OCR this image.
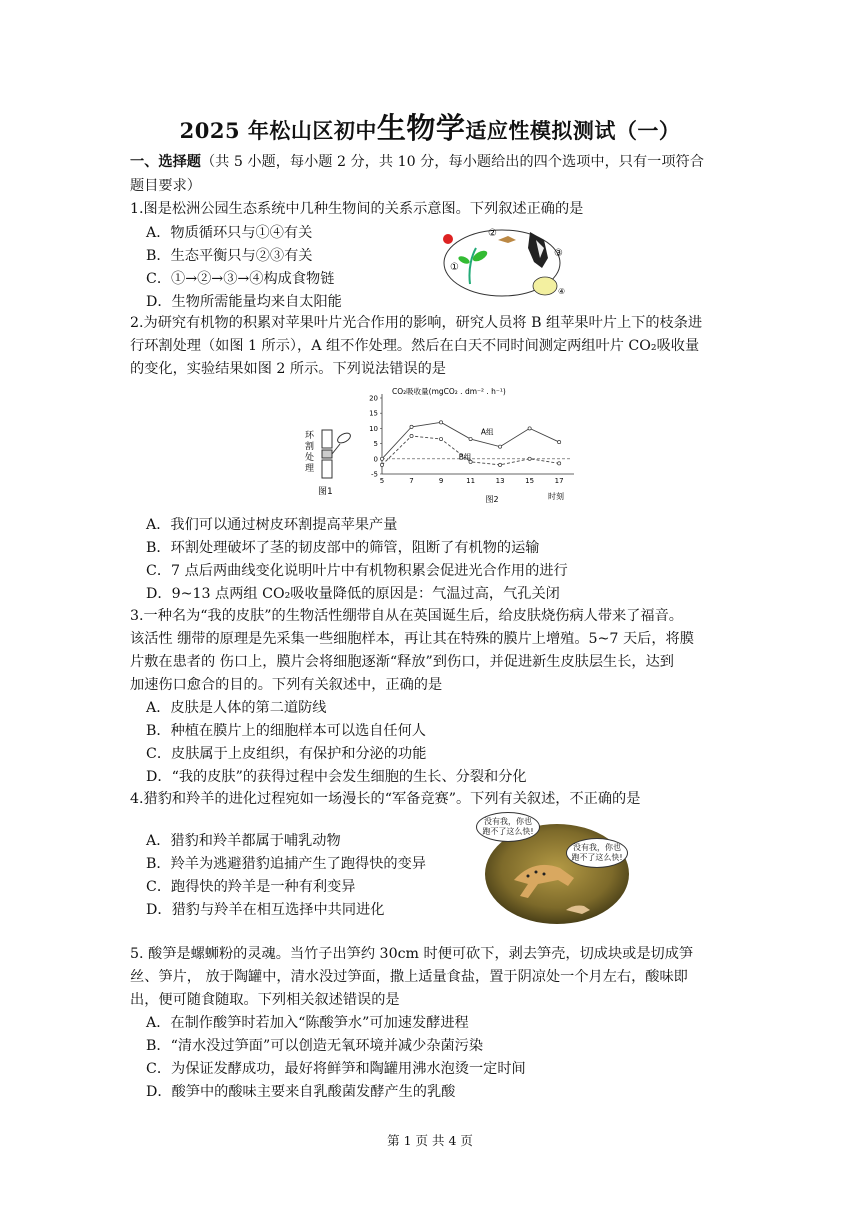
2025 年松山区初中生物学适应性模拟测试（一）
一、选择题（共 5 小题，每小题 2 分，共 10 分，每小题给出的四个选项中，只有一项符合
题目要求）
1.图是松洲公园生态系统中几种生物间的关系示意图。下列叙述正确的是
A．物质循环只与①④有关
B．生态平衡只与②③有关
C．①→②→③→④构成食物链
D．生物所需能量均来自太阳能
①
②
③
④
2.为研究有机物的积累对苹果叶片光合作用的影响，研究人员将 B 组苹果叶片上下的枝条进
行环割处理（如图 1 所示），A 组不作处理。然后在白天不同时间测定两组叶片 CO₂吸收量
的变化，实验结果如图 2 所示。下列说法错误的是
环
割
处
理
图1
CO₂吸收量(mgCO₂ . dm⁻² . h⁻¹)
图2	时刻
-5
0
5
10
15
20
5	7	9	11	13	15	17
A组
B组
A．我们可以通过树皮环割提高苹果产量
B．环割处理破坏了茎的韧皮部中的筛管，阻断了有机物的运输
C．7 点后两曲线变化说明叶片中有机物积累会促进光合作用的进行
D．9~13 点两组 CO₂吸收量降低的原因是：气温过高，气孔关闭
3.一种名为“我的皮肤”的生物活性绷带自从在英国诞生后，给皮肤烧伤病人带来了福音。
该活性 绷带的原理是先采集一些细胞样本，再让其在特殊的膜片上增殖。5~7 天后，将膜
片敷在患者的 伤口上，膜片会将细胞逐渐“释放”到伤口，并促进新生皮肤层生长，达到
加速伤口愈合的目的。下列有关叙述中，正确的是
A．皮肤是人体的第二道防线
B．种植在膜片上的细胞样本可以选自任何人
C．皮肤属于上皮组织，有保护和分泌的功能
D．“我的皮肤”的获得过程中会发生细胞的生长、分裂和分化
4.猎豹和羚羊的进化过程宛如一场漫长的“军备竞赛”。下列有关叙述，不正确的是
A．猎豹和羚羊都属于哺乳动物
B．羚羊为逃避猎豹追捕产生了跑得快的变异
C．跑得快的羚羊是一种有利变异
D．猎豹与羚羊在相互选择中共同进化
没有我，你也
跑不了这么快!
没有我，你也
跑不了这么快!
5. 酸笋是螺蛳粉的灵魂。当竹子出笋约 30cm 时便可砍下，剥去笋壳，切成块或是切成笋
丝、笋片， 放于陶罐中，清水没过笋面，撒上适量食盐，置于阴凉处一个月左右，酸味即
出，便可随食随取。下列相关叙述错误的是
A．在制作酸笋时若加入“陈酸笋水”可加速发酵进程
B．“清水没过笋面”可以创造无氧环境并减少杂菌污染
C．为保证发酵成功，最好将鲜笋和陶罐用沸水泡烫一定时间
D．酸笋中的酸味主要来自乳酸菌发酵产生的乳酸
第 1 页 共 4 页
